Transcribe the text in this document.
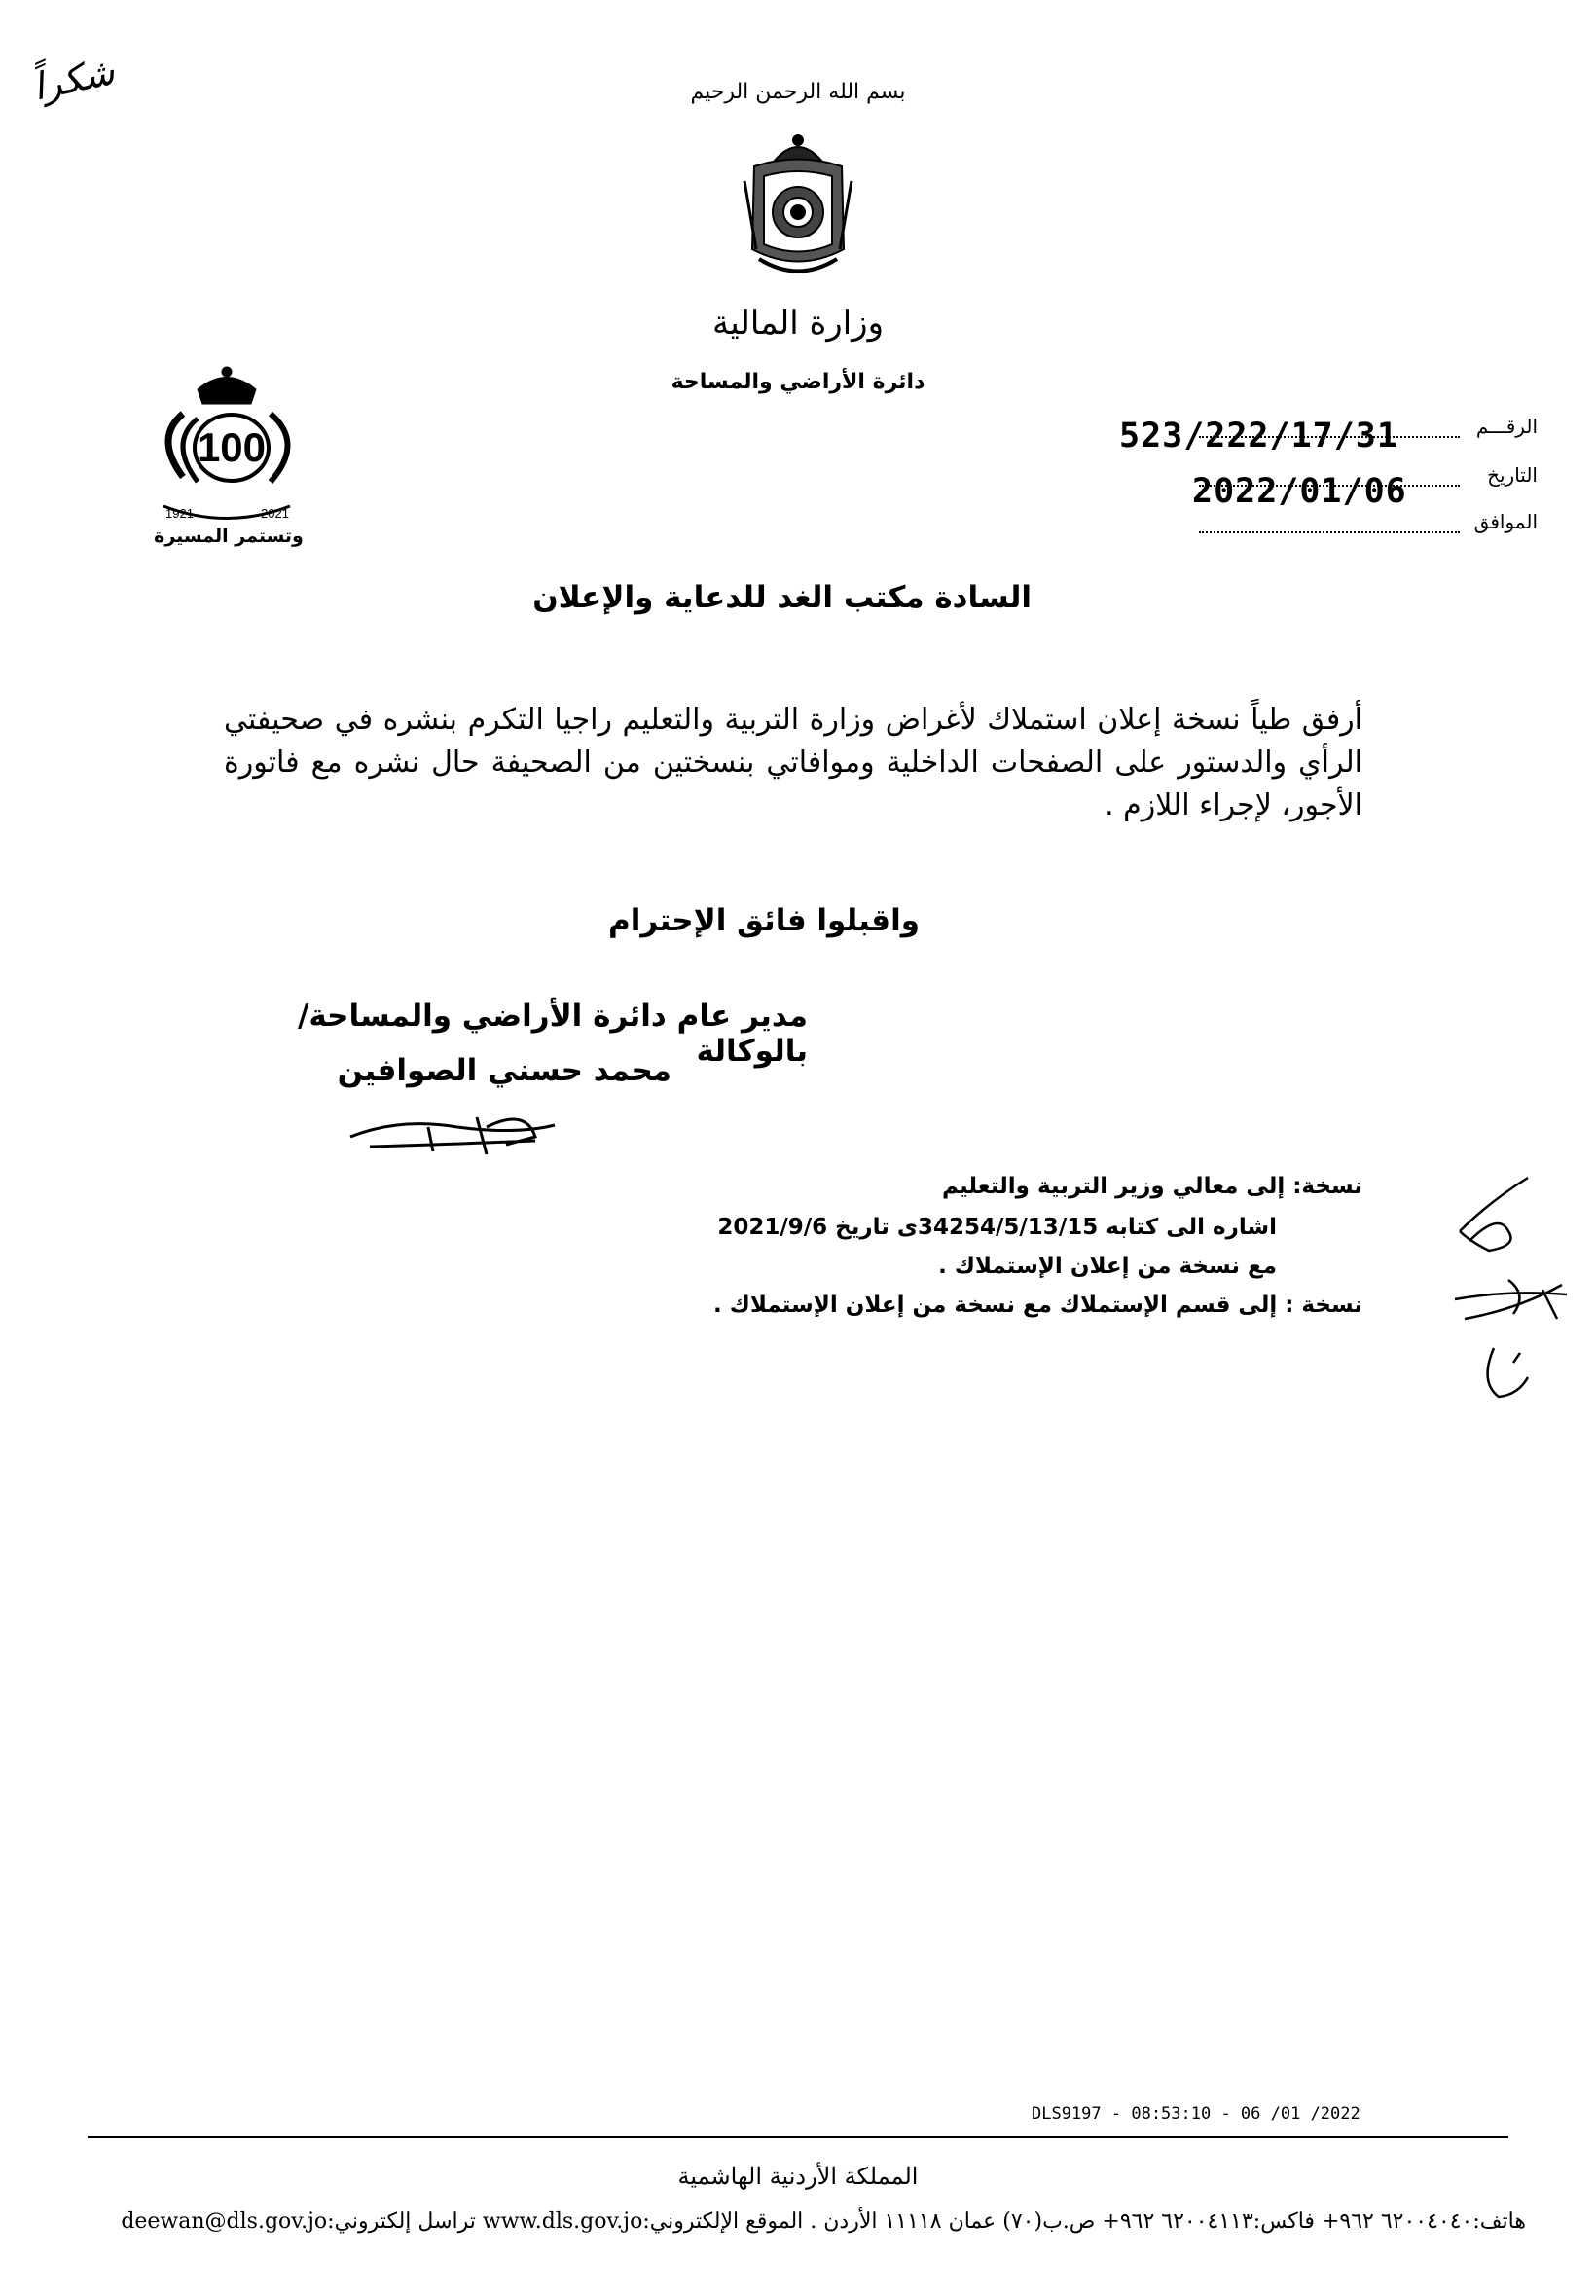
شكراً	بسم الله الرحمن الرحيم
وزارة المالية
دائرة الأراضي والمساحة
100
1921	2021
وتستمر المسيرة
الرقـــم
523/222/17/31
التاريخ
2022/01/06
الموافق
السادة مكتب الغد للدعاية والإعلان
أرفق طياً نسخة إعلان استملاك لأغراض وزارة التربية والتعليم راجيا التكرم بنشره في صحيفتي الرأي والدستور على الصفحات الداخلية وموافاتي بنسختين من الصحيفة حال نشره مع فاتورة الأجور، لإجراء اللازم .
واقبلوا فائق الإحترام
مدير عام دائرة الأراضي والمساحة/بالوكالة
محمد حسني الصوافين
نسخة: إلى معالي وزير التربية والتعليم
اشاره الى كتابه 34254/5/13/15ى تاريخ 2021/9/6
مع نسخة من إعلان الإستملاك .
نسخة : إلى قسم الإستملاك مع نسخة من إعلان الإستملاك .
DLS9197 - 08:53:10 - 06 /01 /2022
المملكة الأردنية الهاشمية
هاتف:٦٢٠٠٤٠٤٠ ٩٦٢+ فاكس:٦٢٠٠٤١١٣ ٩٦٢+ ص.ب(٧٠) عمان ١١١١٨ الأردن . الموقع الإلكتروني:www.dls.gov.jo تراسل إلكتروني:deewan@dls.gov.jo
